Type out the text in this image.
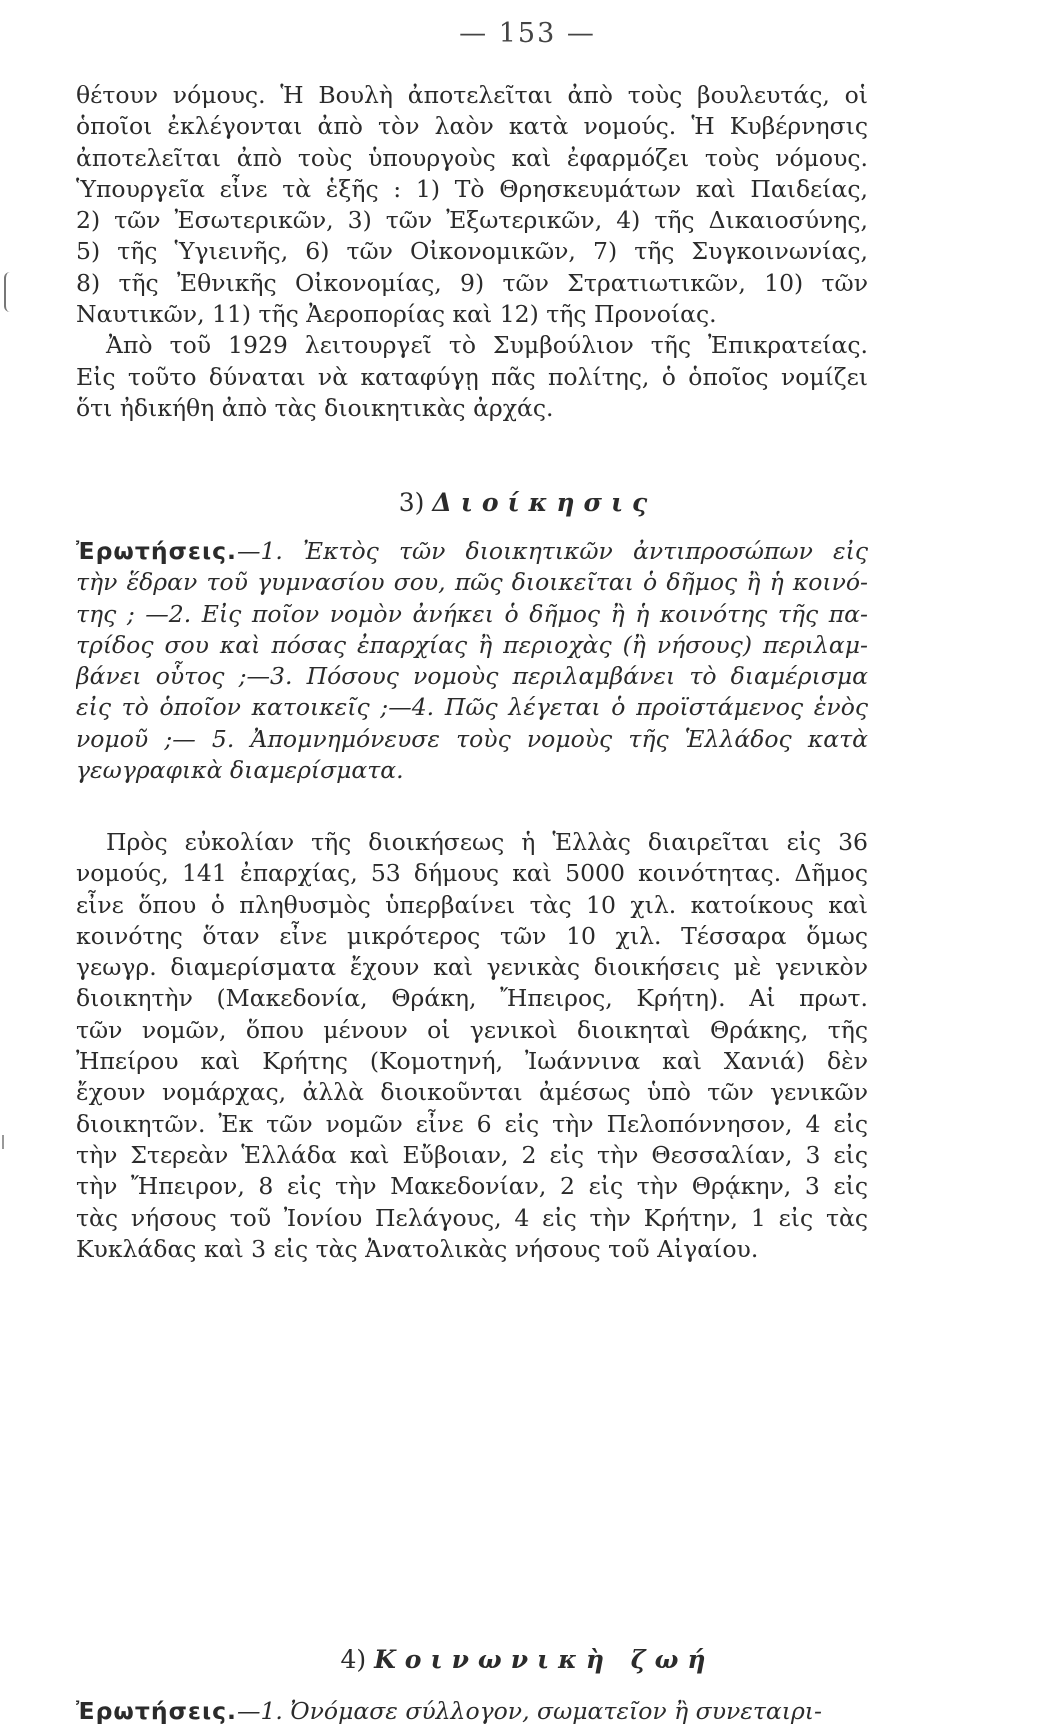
— 153 —
θέτουν νόμους. Ἡ Βουλὴ ἀποτελεῖται ἀπὸ τοὺς βουλευτάς, οἱ
ὁποῖοι ἐκλέγονται ἀπὸ τὸν λαὸν κατὰ νομούς. Ἡ Κυβέρνησις
ἀποτελεῖται ἀπὸ τοὺς ὑπουργοὺς καὶ ἐφαρμόζει τοὺς νόμους.
Ὑπουργεῖα εἶνε τὰ ἑξῆς : 1) Τὸ Θρησκευμάτων καὶ Παιδείας,
2) τῶν Ἐσωτερικῶν, 3) τῶν Ἐξωτερικῶν, 4) τῆς Δικαιοσύνης,
5) τῆς Ὑγιεινῆς, 6) τῶν Οἰκονομικῶν, 7) τῆς Συγκοινωνίας,
8) τῆς Ἐθνικῆς Οἰκονομίας, 9) τῶν Στρατιωτικῶν, 10) τῶν
Ναυτικῶν, 11) τῆς Ἀεροπορίας καὶ 12) τῆς Προνοίας.
Ἀπὸ τοῦ 1929 λειτουργεῖ τὸ Συμβούλιον τῆς Ἐπικρατείας.
Εἰς τοῦτο δύναται νὰ καταφύγῃ πᾶς πολίτης, ὁ ὁποῖος νομίζει
ὅτι ἠδικήθη ἀπὸ τὰς διοικητικὰς ἀρχάς.
3) Διοίκησις
Ἐρωτήσεις.—1. Ἐκτὸς τῶν διοικητικῶν ἀντιπροσώπων εἰς
τὴν ἕδραν τοῦ γυμνασίου σου, πῶς διοικεῖται ὁ δῆμος ἢ ἡ κοινό-
της ; —2. Εἰς ποῖον νομὸν ἀνήκει ὁ δῆμος ἢ ἡ κοινότης τῆς πα-
τρίδος σου καὶ πόσας ἐπαρχίας ἢ περιοχὰς (ἢ νήσους) περιλαμ-
βάνει οὗτος ;—3. Πόσους νομοὺς περιλαμβάνει τὸ διαμέρισμα
εἰς τὸ ὁποῖον κατοικεῖς ;—4. Πῶς λέγεται ὁ προϊστάμενος ἑνὸς
νομοῦ ;— 5. Ἀπομνημόνευσε τοὺς νομοὺς τῆς Ἑλλάδος κατὰ
γεωγραφικὰ διαμερίσματα.
Πρὸς εὐκολίαν τῆς διοικήσεως ἡ Ἑλλὰς διαιρεῖται εἰς 36
νομούς, 141 ἐπαρχίας, 53 δήμους καὶ 5000 κοινότητας. Δῆμος
εἶνε ὅπου ὁ πληθυσμὸς ὑπερβαίνει τὰς 10 χιλ. κατοίκους καὶ
κοινότης ὅταν εἶνε μικρότερος τῶν 10 χιλ. Τέσσαρα ὅμως
γεωγρ. διαμερίσματα ἔχουν καὶ γενικὰς διοικήσεις μὲ γενικὸν
διοικητὴν (Μακεδονία, Θράκη, Ἤπειρος, Κρήτη). Αἱ πρωτ.
τῶν νομῶν, ὅπου μένουν οἱ γενικοὶ διοικηταὶ Θράκης, τῆς
Ἠπείρου καὶ Κρήτης (Κομοτηνή, Ἰωάννινα καὶ Χανιά) δὲν
ἔχουν νομάρχας, ἀλλὰ διοικοῦνται ἀμέσως ὑπὸ τῶν γενικῶν
διοικητῶν. Ἐκ τῶν νομῶν εἶνε 6 εἰς τὴν Πελοπόννησον, 4 εἰς
τὴν Στερεὰν Ἑλλάδα καὶ Εὔβοιαν, 2 εἰς τὴν Θεσσαλίαν, 3 εἰς
τὴν Ἤπειρον, 8 εἰς τὴν Μακεδονίαν, 2 εἰς τὴν Θρᾴκην, 3 εἰς
τὰς νήσους τοῦ Ἰονίου Πελάγους, 4 εἰς τὴν Κρήτην, 1 εἰς τὰς
Κυκλάδας καὶ 3 εἰς τὰς Ἀνατολικὰς νήσους τοῦ Αἰγαίου.
4) Κοινωνικὴ ζωή
Ἐρωτήσεις.—1. Ὀνόμασε σύλλογον, σωματεῖον ἢ συνεταιρι-
